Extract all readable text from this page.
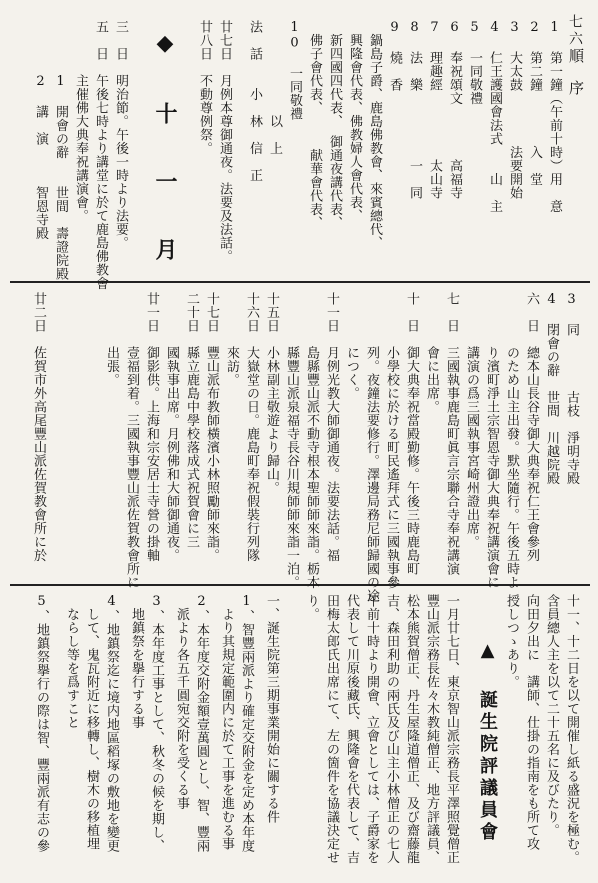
七六
順　序
1 第一鐘（午前十時）用　意
2 第二鐘　　　　入　堂
3 大太鼓　　　　法要開始
4 仁王護國會法式　　山　主
5 一同敬禮
6 奉祝頌文　　　　高福寺
7 理趣經　　　　　太山寺
8 法　樂　　　　　一　同
9 燒　香
　鍋島子爵、鹿島佛教會、來賓總代、
　興隆會代表、佛教婦人會代表、
　新四國四代表、　御通夜講代表、
　佛子會代表、　　　献華會代表、
10 一同敬禮
　　　　　　　以　上
法　話　　小　林　信　正
廿七日　月例本尊御通夜。法要及法話。
廿八日　不動尊例祭。
◆ 十 一 月
三　日　明治節。午後一時より法要。
五　日　午後七時より講堂に於て鹿島佛教會
　　　　主催佛大典奉祝講演會。
　　　　1 開會の辭　　世間　壽證院殿
　　　　2 講　演　　　智恩寺殿
3 同　　　　古枝　淨明寺殿
4 閉會の辭　世間　川越院殿
六　日　總本山長谷寺御大典奉祝仁王會參列
　　　　のため山主出發。默坐隨行。午後五時よ
　　　　り濱町淨土宗智恩寺御大典奉祝講演會に
　　　　講演の爲三國執事宮崎州證出席。
七　日　三國執事鹿島町眞言宗聯合寺奉祝講演
　　　　會に出席。
十　日　御大典奉祝當殿勤修。午後三時鹿島町
　　　　小學校に於ける町民遙拜式に三國執事參
　　　　列。夜鐘法要修行。澤邊局務尼師歸國の途
　　　　につく。
十一日　月例光教大師御通夜。法要法話。福
　　　　島縣豐山派不動寺根本聖師師來詣。栃木
　　　　縣豐山派泉福寺長谷川規師師來詣一泊。
十五日　小林副主敬遊より歸山。
十六日　大嶽堂の日。鹿島町奉祝假裝行列隊
　　　　來訪。
十七日　豐山派布教師橫濱小林照勵師來詣。
二十日　縣立鹿島中學校落成式祝賀會に三
　　　　國執事出席。月例佛和大師御通夜。
廿一日　御影供。上海和宗安居士寺營の掛軸
　　　　壹福到着。三國執事豐山派佐賀教會所に
　　　　出張。
廿二日　佐賀市外高尾豐山派佐賀教會所に於
十一、十二日を以て開催し紙る盛況を極む。
含員總人主を以て二十五名に及びたり。
向田夕出に　講師、仕掛の指南をも所て攻
授しつゝあり。
▲ 誕生院評議員會
一月廿七日、東京智山派宗務長平澤照覺僧正
豐山派宗務長佐々木教純僧正、地方評議員、
松本熊賀僧正、丹生屋隆道僧正、及び齋藤龍
吉、森田利助の兩氏及び山主小林僧正の七人
午前十時より開會、立會としては、子爵家を
代表して川原後藏氏、興隆會を代表して、吉
田梅太郎氏出席にて、左の箇件を協議決定せ
り。
一、誕生院第三期事業開始に關する件
1、智豐兩派より確定交附金を定め本年度
　より其規定範圍内に於て工事を進むる事
2、本年度交附金額壹萬圓とし、智、豐兩
　派より各五千圓宛交附を受くる事
3、本年度工事として、秋冬の候を期し、
　地鎮祭を擧行する事
4、地鎮祭迄に境内地區稻塚の敷地を變更
　して、鬼瓦附近に移轉し、樹木の移植埋
　ならし等を爲すこと
5、地鎮祭擧行の際は智、豐兩派有志の參
